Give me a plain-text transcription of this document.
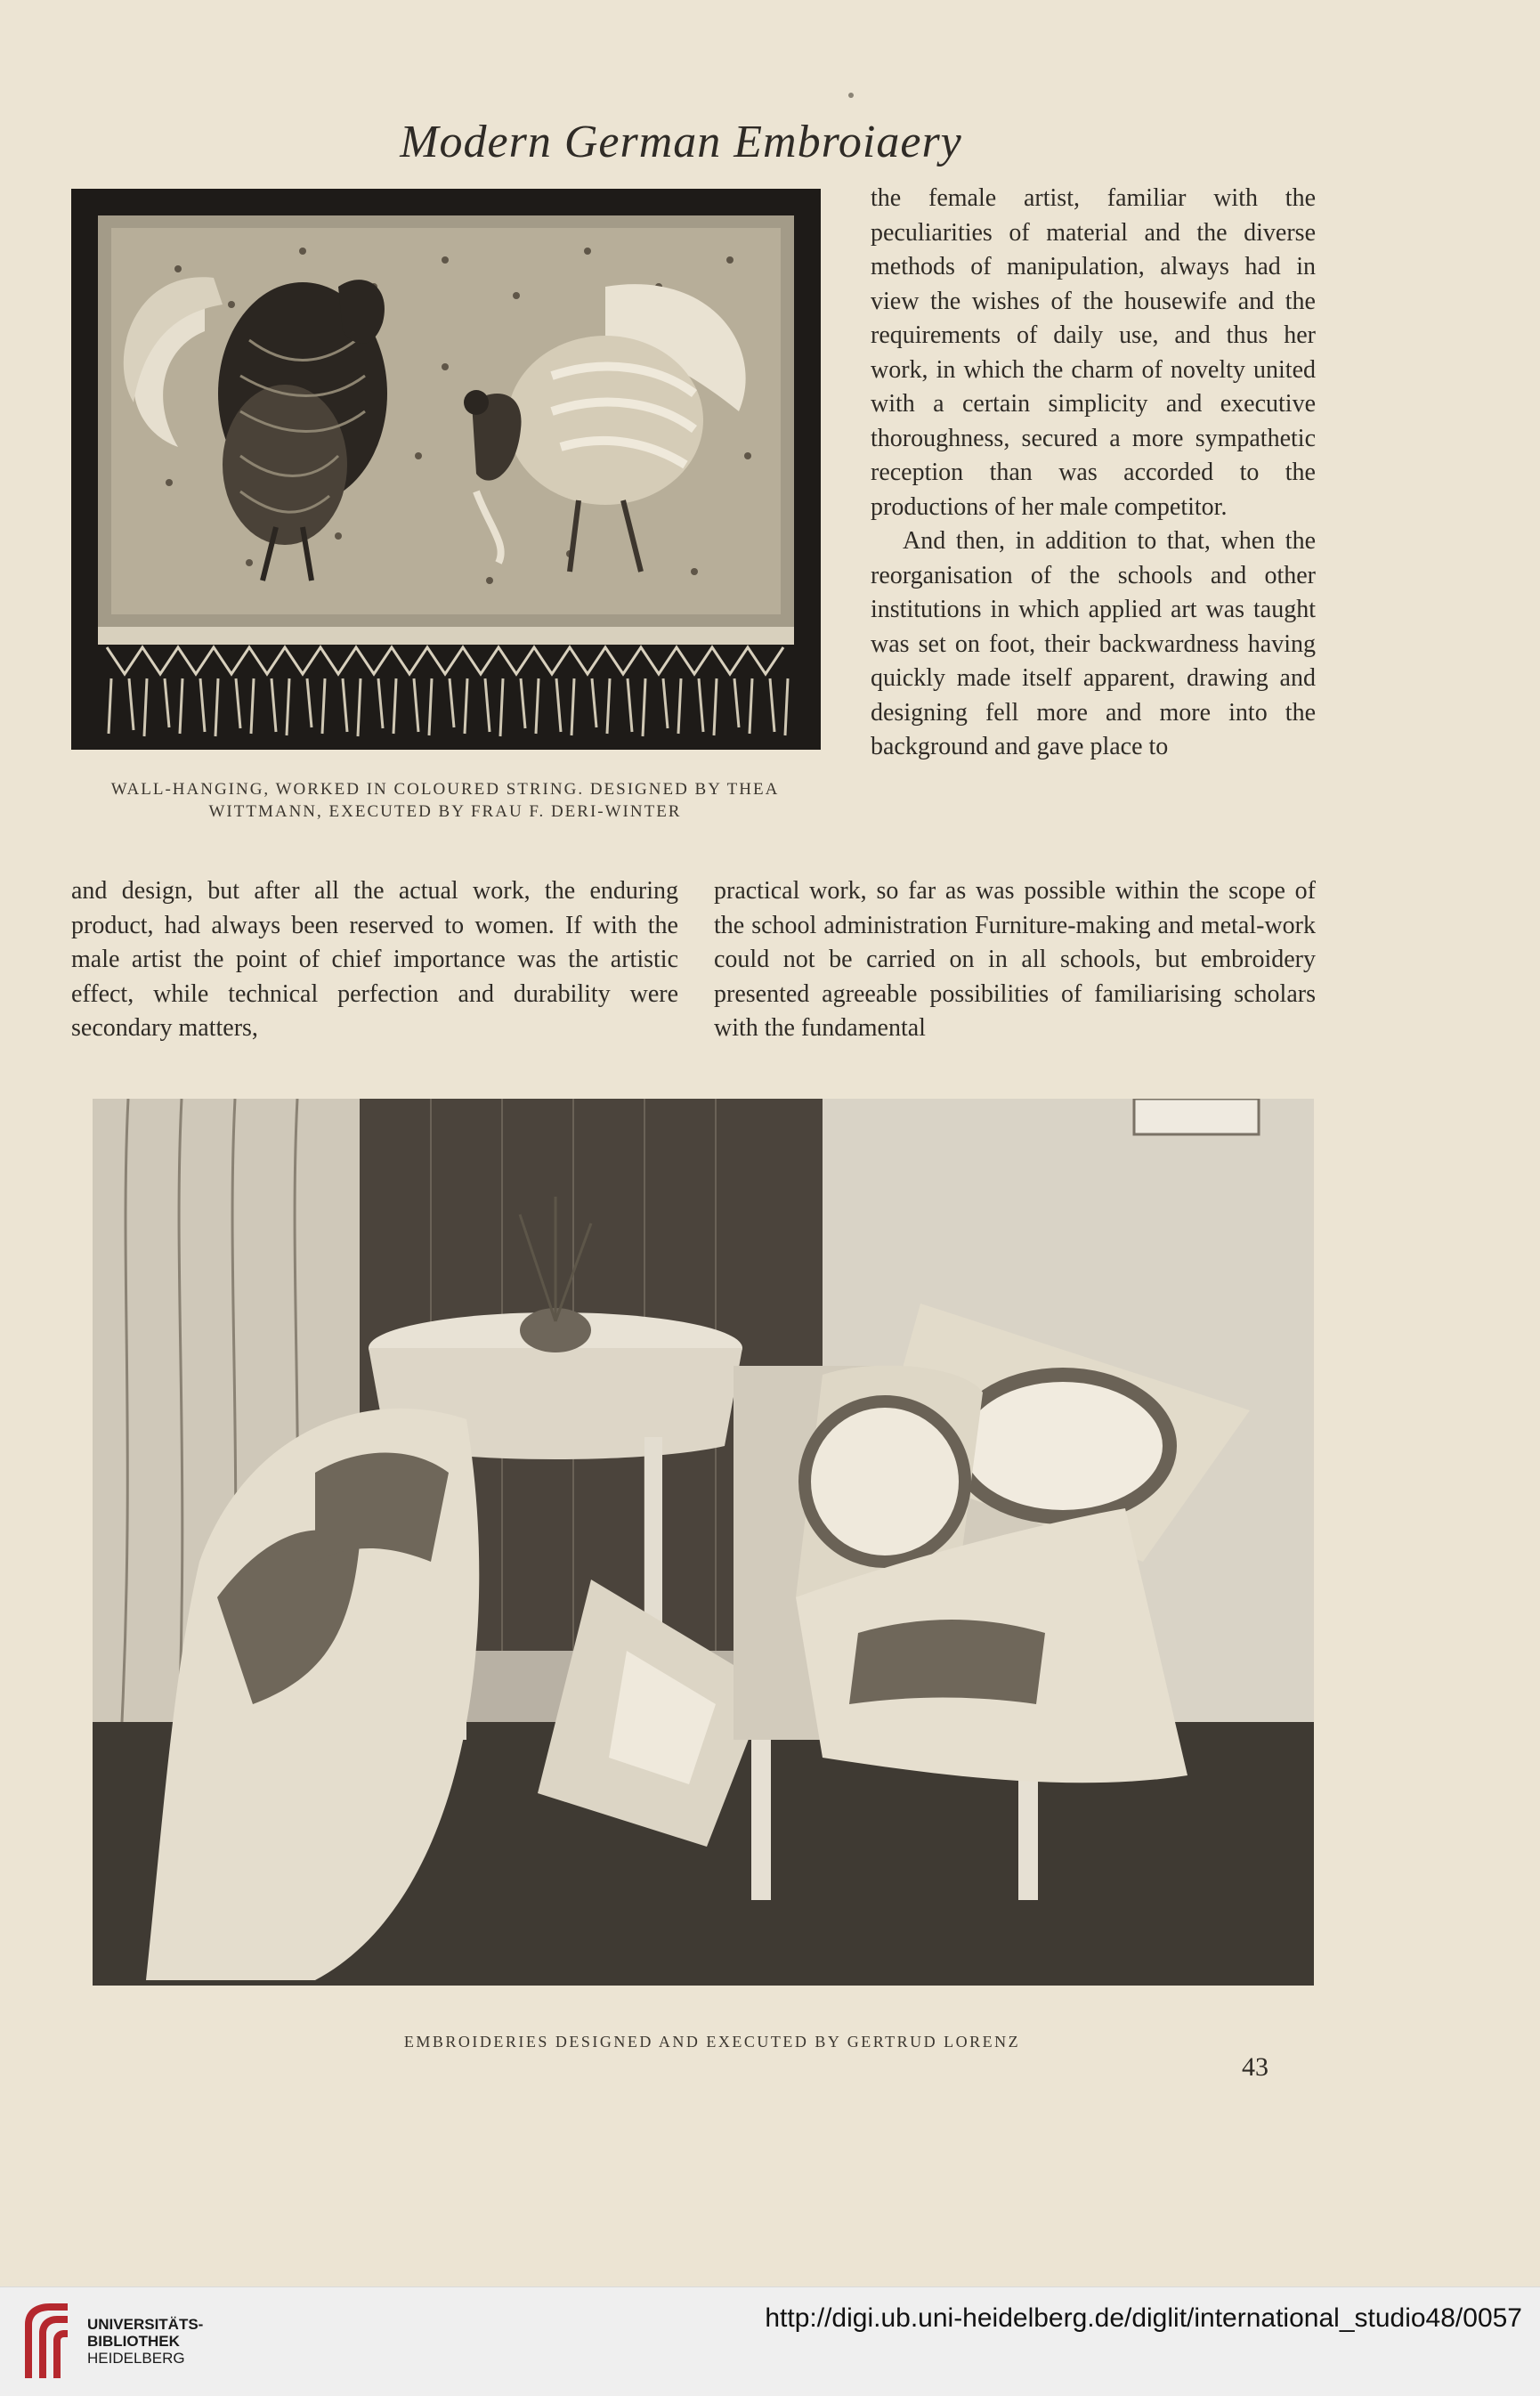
Modern German Embroiaery
WALL-HANGING, WORKED IN COLOURED STRING. DESIGNED BY THEA
WITTMANN, EXECUTED BY FRAU F. DERI-WINTER

the female artist, familiar with the peculiarities of material and the diverse methods of manipulation, always had in view the wishes of the housewife and the requirements of daily use, and thus her work, in which the charm of novelty united with a certain simplicity and executive thoroughness, secured a more sympathetic reception than was accorded to the productions of her male competitor.

And then, in addition to that, when the reorganisation of the schools and other institutions in which applied art was taught was set on foot, their backwardness having quickly made itself apparent, drawing and designing fell more and more into the background and gave place to

and design, but after all the actual work, the enduring product, had always been reserved to women. If with the male artist the point of chief importance was the artistic effect, while technical perfection and durability were secondary matters,

practical work, so far as was possible within the scope of the school administration Furniture-making and metal-work could not be carried on in all schools, but embroidery presented agreeable possibilities of familiarising scholars with the fundamental

EMBROIDERIES DESIGNED AND EXECUTED BY GERTRUD LORENZ
43
UNIVERSITÄTS-
BIBLIOTHEK
HEIDELBERG
http://digi.ub.uni-heidelberg.de/diglit/international_studio48/0057
